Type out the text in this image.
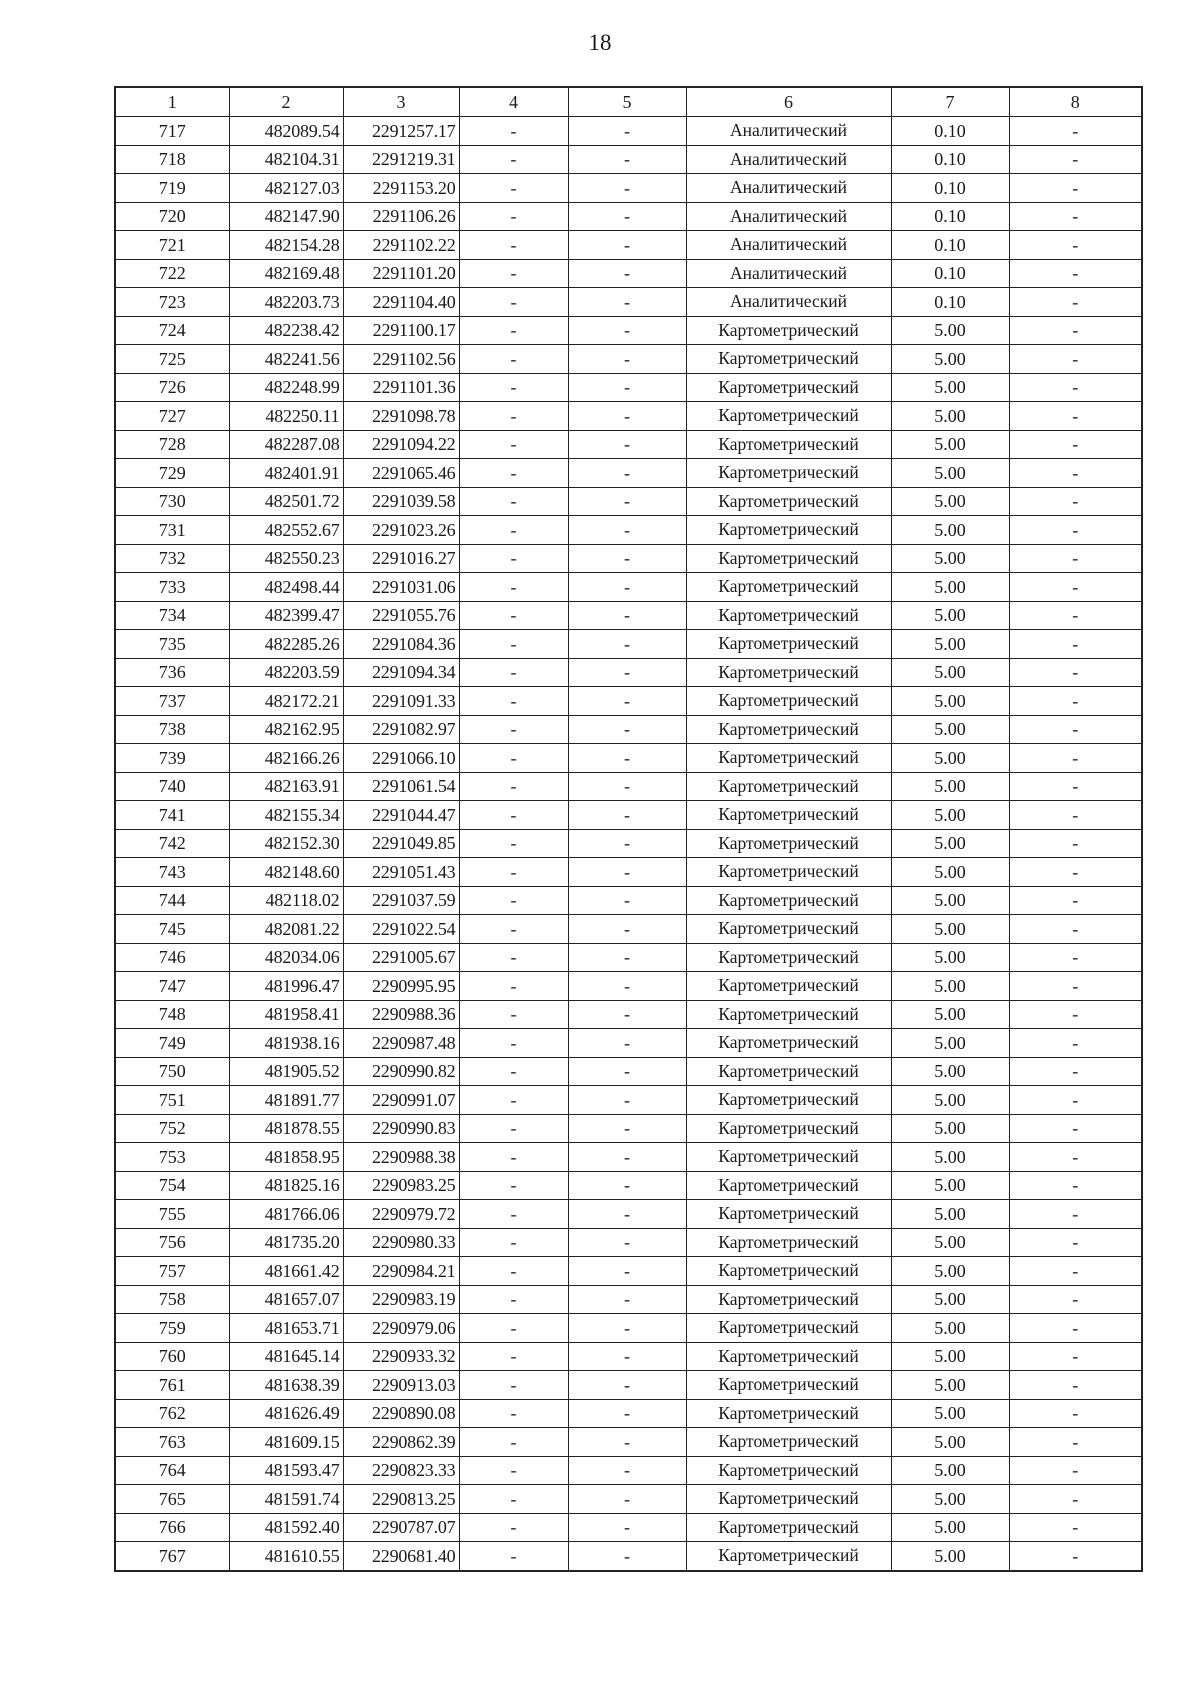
18
1	2	3	4	5	6	7	8
717	482089.54	2291257.17	-	-	Аналитический	0.10	-
718	482104.31	2291219.31	-	-	Аналитический	0.10	-
719	482127.03	2291153.20	-	-	Аналитический	0.10	-
720	482147.90	2291106.26	-	-	Аналитический	0.10	-
721	482154.28	2291102.22	-	-	Аналитический	0.10	-
722	482169.48	2291101.20	-	-	Аналитический	0.10	-
723	482203.73	2291104.40	-	-	Аналитический	0.10	-
724	482238.42	2291100.17	-	-	Картометрический	5.00	-
725	482241.56	2291102.56	-	-	Картометрический	5.00	-
726	482248.99	2291101.36	-	-	Картометрический	5.00	-
727	482250.11	2291098.78	-	-	Картометрический	5.00	-
728	482287.08	2291094.22	-	-	Картометрический	5.00	-
729	482401.91	2291065.46	-	-	Картометрический	5.00	-
730	482501.72	2291039.58	-	-	Картометрический	5.00	-
731	482552.67	2291023.26	-	-	Картометрический	5.00	-
732	482550.23	2291016.27	-	-	Картометрический	5.00	-
733	482498.44	2291031.06	-	-	Картометрический	5.00	-
734	482399.47	2291055.76	-	-	Картометрический	5.00	-
735	482285.26	2291084.36	-	-	Картометрический	5.00	-
736	482203.59	2291094.34	-	-	Картометрический	5.00	-
737	482172.21	2291091.33	-	-	Картометрический	5.00	-
738	482162.95	2291082.97	-	-	Картометрический	5.00	-
739	482166.26	2291066.10	-	-	Картометрический	5.00	-
740	482163.91	2291061.54	-	-	Картометрический	5.00	-
741	482155.34	2291044.47	-	-	Картометрический	5.00	-
742	482152.30	2291049.85	-	-	Картометрический	5.00	-
743	482148.60	2291051.43	-	-	Картометрический	5.00	-
744	482118.02	2291037.59	-	-	Картометрический	5.00	-
745	482081.22	2291022.54	-	-	Картометрический	5.00	-
746	482034.06	2291005.67	-	-	Картометрический	5.00	-
747	481996.47	2290995.95	-	-	Картометрический	5.00	-
748	481958.41	2290988.36	-	-	Картометрический	5.00	-
749	481938.16	2290987.48	-	-	Картометрический	5.00	-
750	481905.52	2290990.82	-	-	Картометрический	5.00	-
751	481891.77	2290991.07	-	-	Картометрический	5.00	-
752	481878.55	2290990.83	-	-	Картометрический	5.00	-
753	481858.95	2290988.38	-	-	Картометрический	5.00	-
754	481825.16	2290983.25	-	-	Картометрический	5.00	-
755	481766.06	2290979.72	-	-	Картометрический	5.00	-
756	481735.20	2290980.33	-	-	Картометрический	5.00	-
757	481661.42	2290984.21	-	-	Картометрический	5.00	-
758	481657.07	2290983.19	-	-	Картометрический	5.00	-
759	481653.71	2290979.06	-	-	Картометрический	5.00	-
760	481645.14	2290933.32	-	-	Картометрический	5.00	-
761	481638.39	2290913.03	-	-	Картометрический	5.00	-
762	481626.49	2290890.08	-	-	Картометрический	5.00	-
763	481609.15	2290862.39	-	-	Картометрический	5.00	-
764	481593.47	2290823.33	-	-	Картометрический	5.00	-
765	481591.74	2290813.25	-	-	Картометрический	5.00	-
766	481592.40	2290787.07	-	-	Картометрический	5.00	-
767	481610.55	2290681.40	-	-	Картометрический	5.00	-
